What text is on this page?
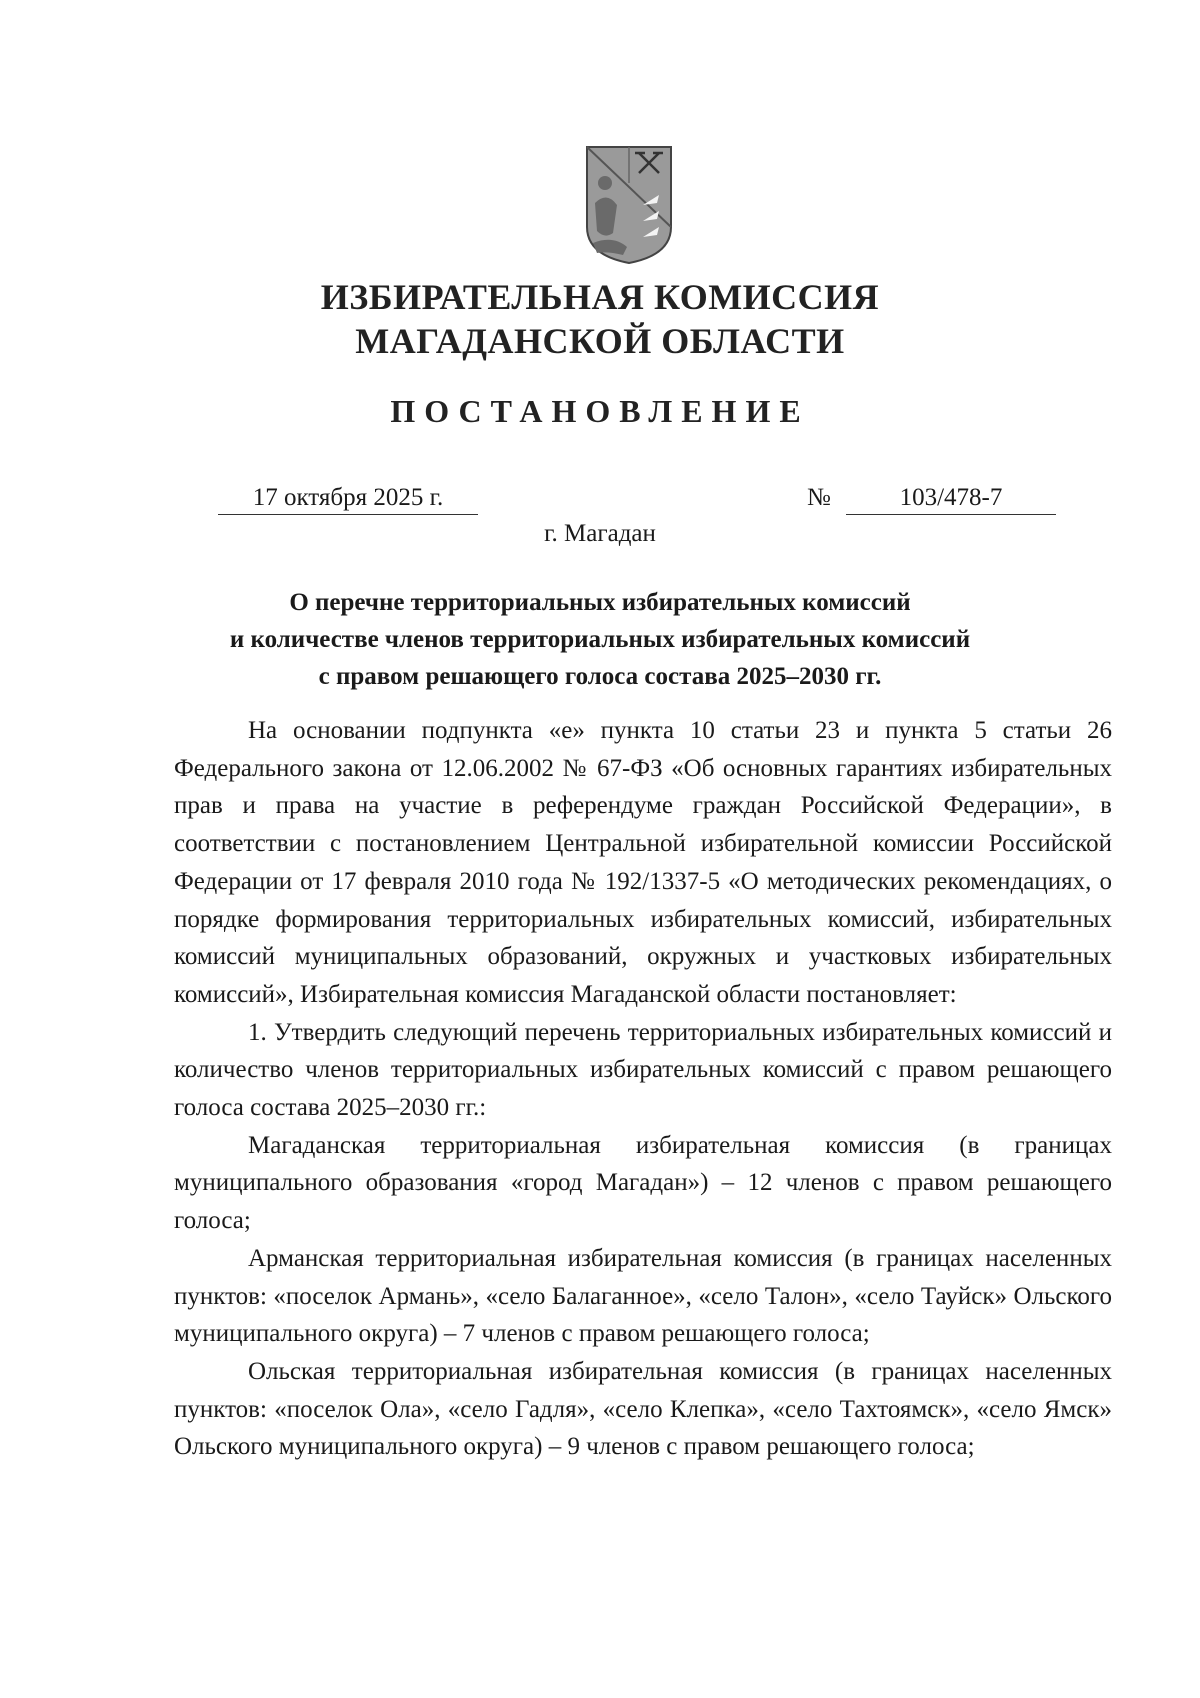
ИЗБИРАТЕЛЬНАЯ КОМИССИЯ
МАГАДАНСКОЙ ОБЛАСТИ
ПОСТАНОВЛЕНИЕ
17 октября 2025 г.	№	103/478-7
г. Магадан
О перечне территориальных избирательных комиссий
и количестве членов территориальных избирательных комиссий
с правом решающего голоса состава 2025–2030 гг.

На основании подпункта «е» пункта 10 статьи 23 и пункта 5 статьи 26 Федерального закона от 12.06.2002 № 67-ФЗ «Об основных гарантиях избирательных прав и права на участие в референдуме граждан Российской Федерации», в соответствии с постановлением Центральной избирательной комиссии Российской Федерации от 17 февраля 2010 года № 192/1337-5 «О методических рекомендациях, о порядке формирования территориальных избирательных комиссий, избирательных комиссий муниципальных образований, окружных и участковых избирательных комиссий», Избирательная комиссия Магаданской области постановляет:

1. Утвердить следующий перечень территориальных избирательных комиссий и количество членов территориальных избирательных комиссий с правом решающего голоса состава 2025–2030 гг.:

Магаданская территориальная избирательная комиссия (в границах муниципального образования «город Магадан») – 12 членов с правом решающего голоса;

Арманская территориальная избирательная комиссия (в границах населенных пунктов: «поселок Армань», «село Балаганное», «село Талон», «село Тауйск» Ольского муниципального округа) – 7 членов с правом решающего голоса;

Ольская территориальная избирательная комиссия (в границах населенных пунктов: «поселок Ола», «село Гадля», «село Клепка», «село Тахтоямск», «село Ямск» Ольского муниципального округа) – 9 членов с правом решающего голоса;
